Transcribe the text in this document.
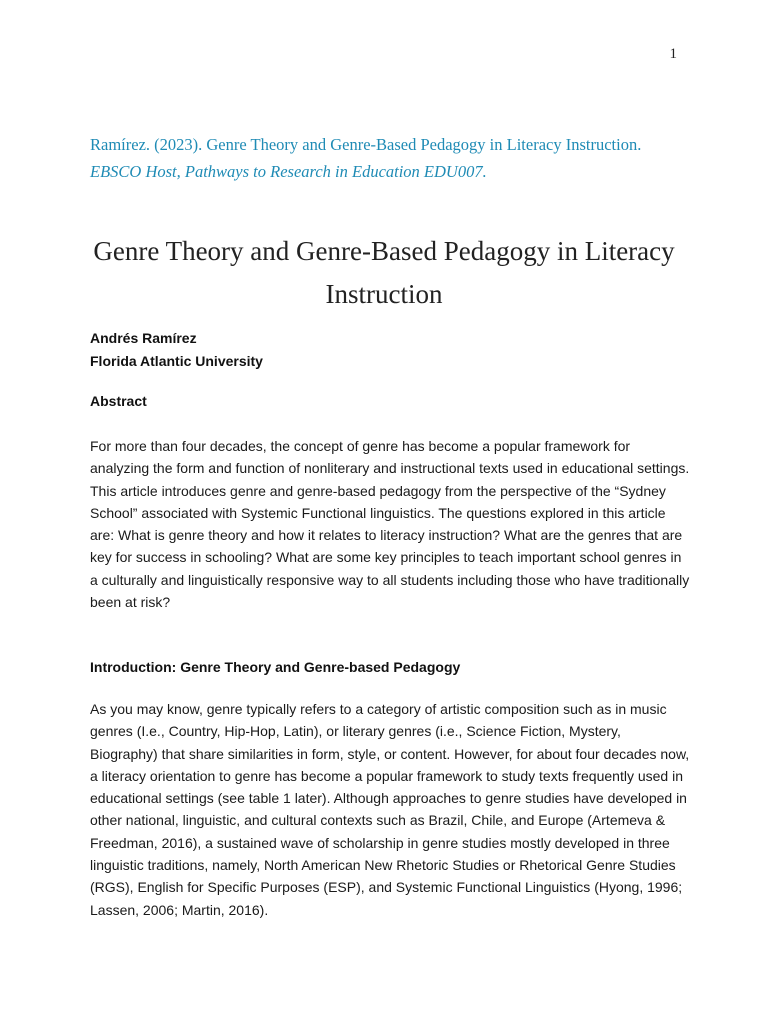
1
Ramírez. (2023). Genre Theory and Genre-Based Pedagogy in Literacy Instruction. EBSCO Host, Pathways to Research in Education EDU007.
Genre Theory and Genre-Based Pedagogy in Literacy Instruction
Andrés Ramírez
Florida Atlantic University
Abstract

For more than four decades, the concept of genre has become a popular framework for analyzing the form and function of nonliterary and instructional texts used in educational settings. This article introduces genre and genre-based pedagogy from the perspective of the “Sydney School” associated with Systemic Functional linguistics. The questions explored in this article are: What is genre theory and how it relates to literacy instruction? What are the genres that are key for success in schooling? What are some key principles to teach important school genres in a culturally and linguistically responsive way to all students including those who have traditionally been at risk?

Introduction: Genre Theory and Genre-based Pedagogy

As you may know, genre typically refers to a category of artistic composition such as in music genres (I.e., Country, Hip-Hop, Latin), or literary genres (i.e., Science Fiction, Mystery, Biography) that share similarities in form, style, or content. However, for about four decades now, a literacy orientation to genre has become a popular framework to study texts frequently used in educational settings (see table 1 later). Although approaches to genre studies have developed in other national, linguistic, and cultural contexts such as Brazil, Chile, and Europe (Artemeva & Freedman, 2016), a sustained wave of scholarship in genre studies mostly developed in three linguistic traditions, namely, North American New Rhetoric Studies or Rhetorical Genre Studies (RGS), English for Specific Purposes (ESP), and Systemic Functional Linguistics (Hyong, 1996; Lassen, 2006; Martin, 2016).
